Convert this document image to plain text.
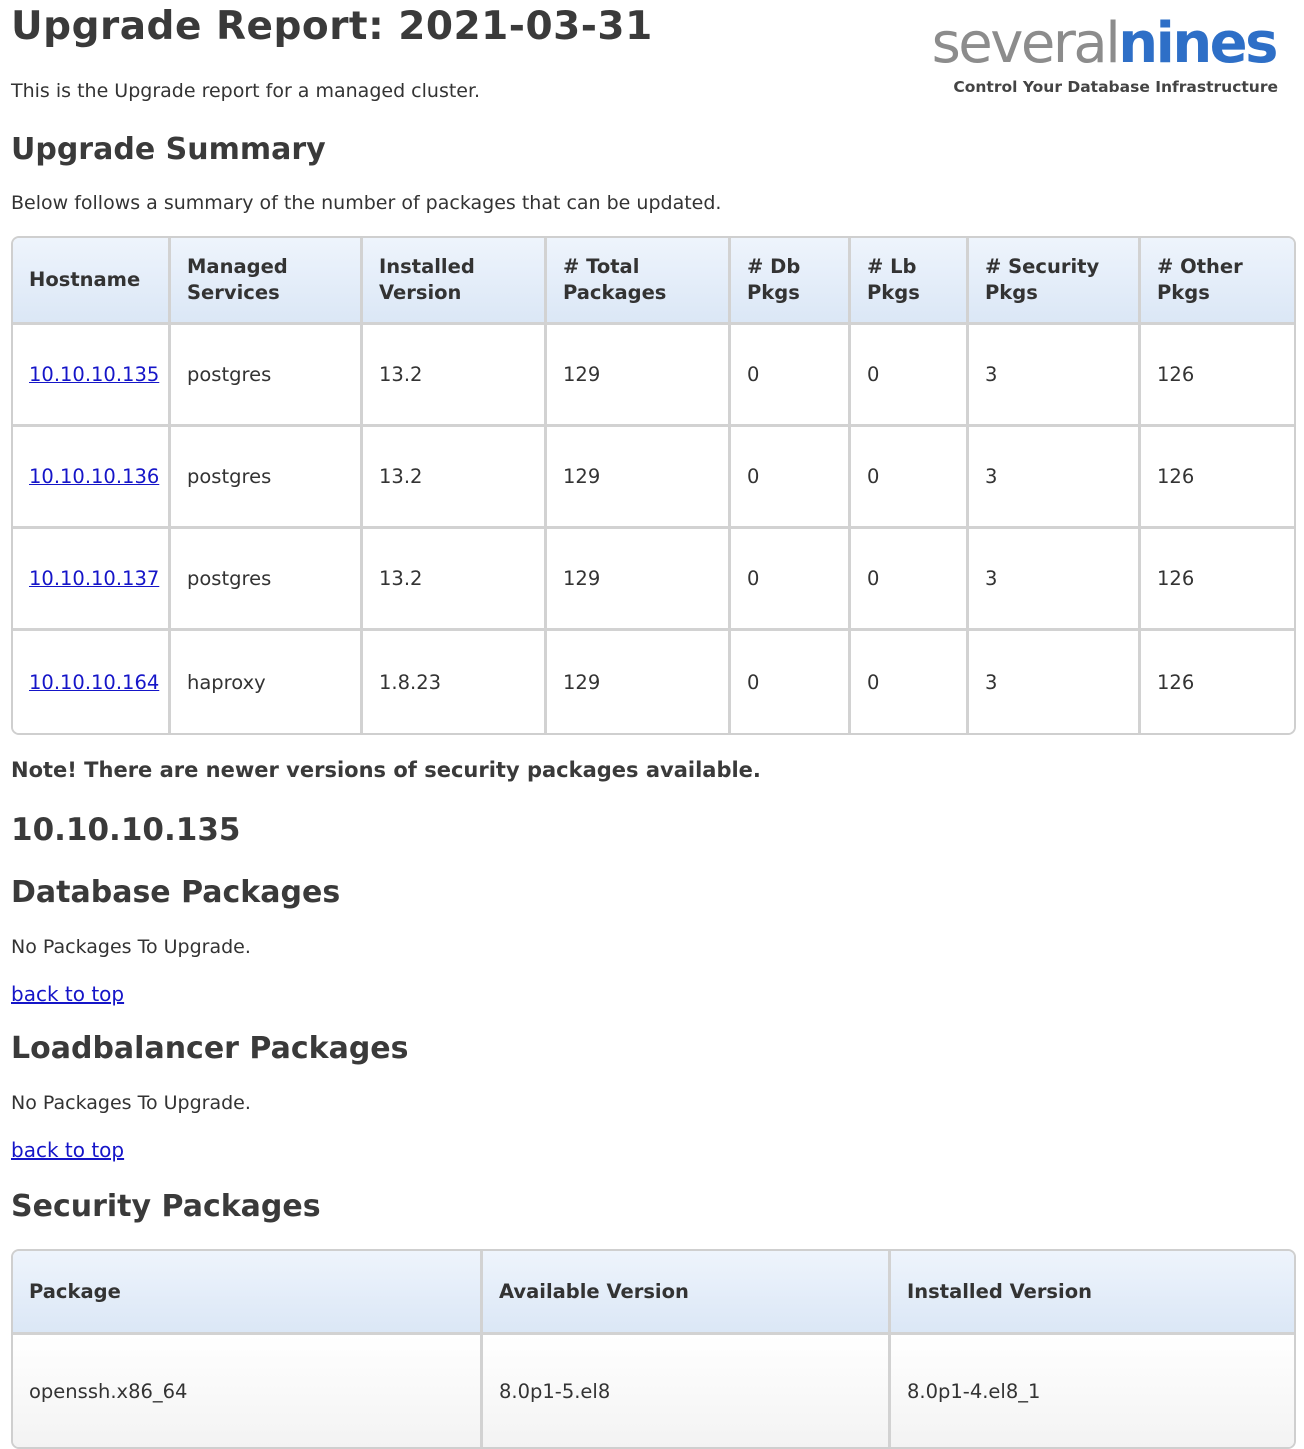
Upgrade Report: 2021-03-31

This is the Upgrade report for a managed cluster.

severalnines
Control Your Database Infrastructure
Upgrade Summary

Below follows a summary of the number of packages that can be updated.

Hostname	Managed Services	Installed Version	# Total Packages	# Db Pkgs	# Lb Pkgs	# Security Pkgs	# Other Pkgs
10.10.10.135	postgres	13.2	129	0	0	3	126
10.10.10.136	postgres	13.2	129	0	0	3	126
10.10.10.137	postgres	13.2	129	0	0	3	126
10.10.10.164	haproxy	1.8.23	129	0	0	3	126

Note! There are newer versions of security packages available.

10.10.10.135
Database Packages

No Packages To Upgrade.

back to top
Loadbalancer Packages

No Packages To Upgrade.

back to top
Security Packages
Package	Available Version	Installed Version
openssh.x86_64	8.0p1-5.el8	8.0p1-4.el8_1
